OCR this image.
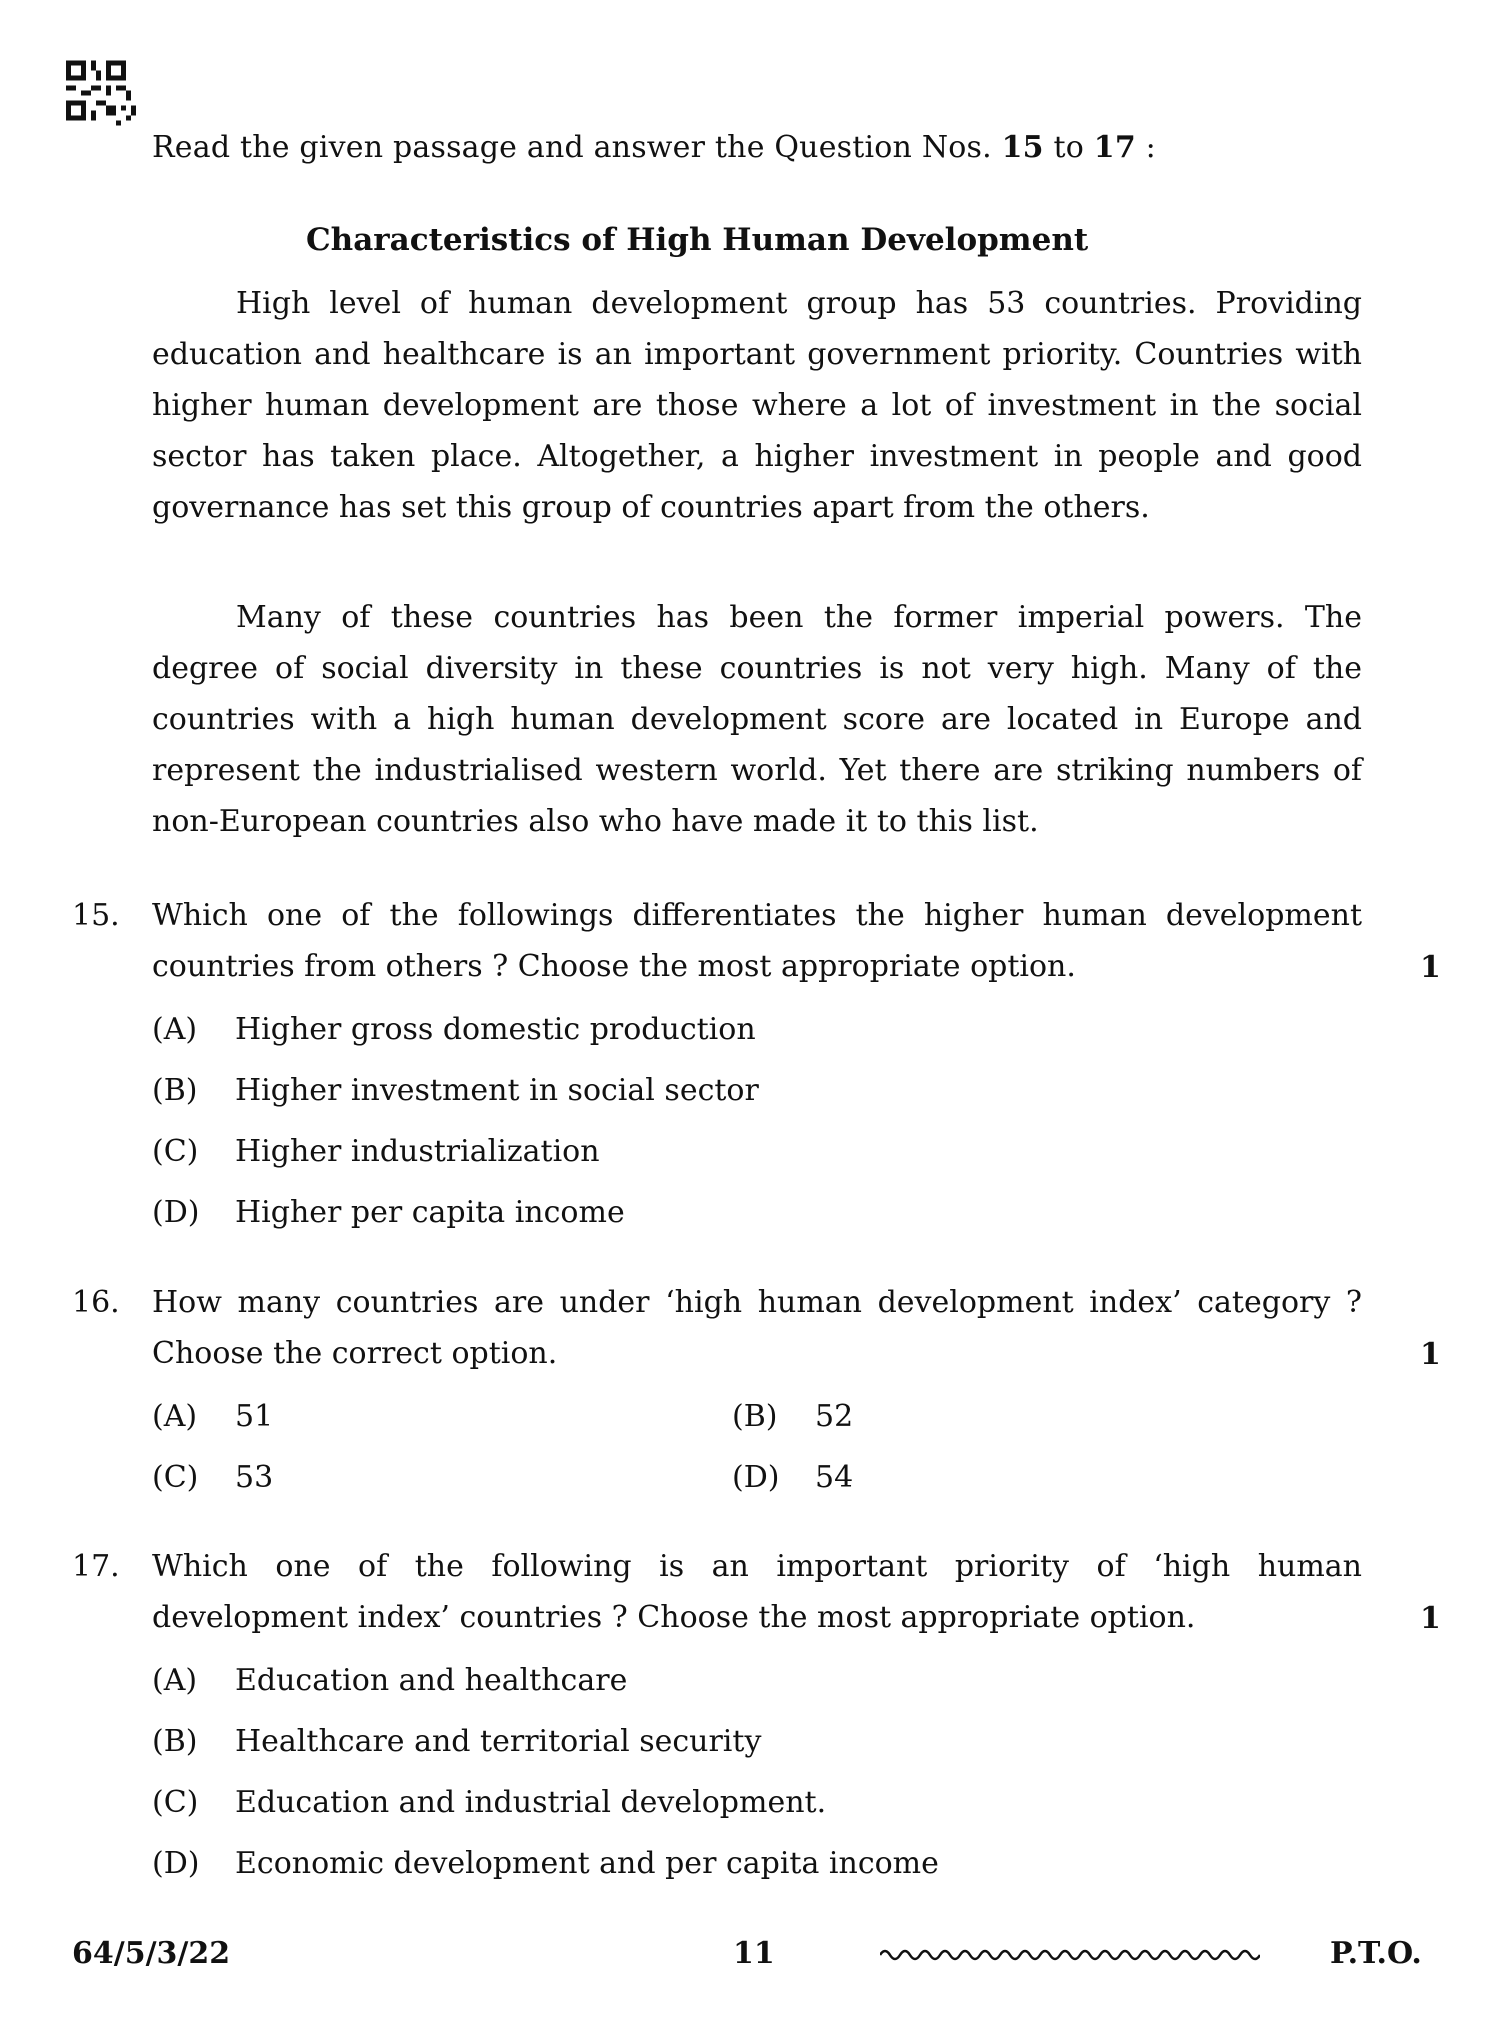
Read the given passage and answer the Question Nos. 15 to 17 :
Characteristics of High Human Development

High level of human development group has 53 countries. Providing education and healthcare is an important government priority. Countries with higher human development are those where a lot of investment in the social sector has taken place. Altogether, a higher investment in people and good governance has set this group of countries apart from the others.

Many of these countries has been the former imperial powers. The degree of social diversity in these countries is not very high. Many of the countries with a high human development score are located in Europe and represent the industrialised western world. Yet there are striking numbers of non-European countries also who have made it to this list.

15. Which one of the followings differentiates the higher human development countries from others ? Choose the most appropriate option.	1
(A) Higher gross domestic production
(B) Higher investment in social sector
(C) Higher industrialization
(D) Higher per capita income
16. How many countries are under ‘high human development index’ category ? Choose the correct option.	1
(A) 51	(B) 52
(C) 53	(D) 54
17. Which one of the following is an important priority of ‘high human development index’ countries ? Choose the most appropriate option.	1
(A) Education and healthcare
(B) Healthcare and territorial security
(C) Education and industrial development.
(D) Economic development and per capita income
64/5/3/22	11	P.T.O.
